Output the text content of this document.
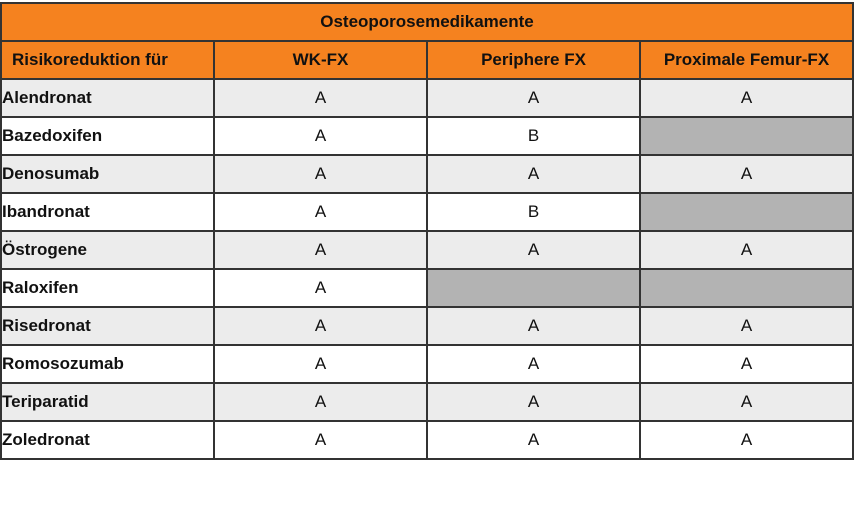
Osteoporosemedikamente			
Risikoreduktion für	WK-FX	Periphere FX	Proximale Femur-FX
Alendronat	A	A	A
Bazedoxifen	A	B	
Denosumab	A	A	A
Ibandronat	A	B	
Östrogene	A	A	A
Raloxifen	A		
Risedronat	A	A	A
Romosozumab	A	A	A
Teriparatid	A	A	A
Zoledronat	A	A	A
